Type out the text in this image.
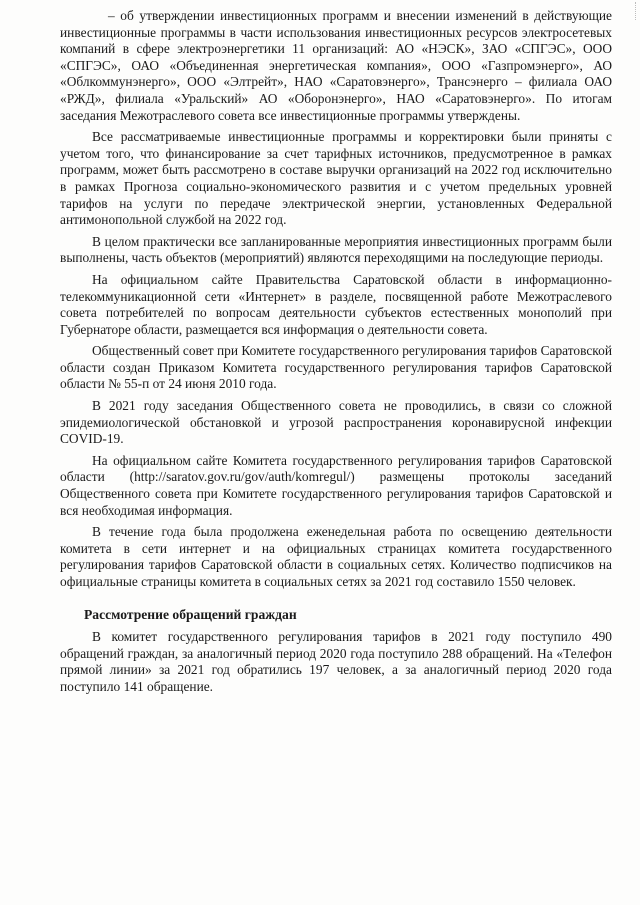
– об утверждении инвестиционных программ и внесении изменений в действующие инвестиционные программы в части использования инвестиционных ресурсов электросетевых компаний в сфере электроэнергетики 11 организаций: АО «НЭСК», ЗАО «СПГЭС», ООО «СПГЭС», ОАО «Объединенная энергетическая компания», ООО «Газпромэнерго», АО «Облкоммунэнерго», ООО «Элтрейт», НАО «Саратовэнерго», Трансэнерго – филиала ОАО «РЖД», филиала «Уральский» АО «Оборонэнерго», НАО «Саратовэнерго». По итогам заседания Межотраслевого совета все инвестиционные программы утверждены.

Все рассматриваемые инвестиционные программы и корректировки были приняты с учетом того, что финансирование за счет тарифных источников, предусмотренное в рамках программ, может быть рассмотрено в составе выручки организаций на 2022 год исключительно в рамках Прогноза социально-экономического развития и с учетом предельных уровней тарифов на услуги по передаче электрической энергии, установленных Федеральной антимонопольной службой на 2022 год.

В целом практически все запланированные мероприятия инвестиционных программ были выполнены, часть объектов (мероприятий) являются переходящими на последующие периоды.

На официальном сайте Правительства Саратовской области в информационно-телекоммуникационной сети «Интернет» в разделе, посвященной работе Межотраслевого совета потребителей по вопросам деятельности субъектов естественных монополий при Губернаторе области, размещается вся информация о деятельности совета.

Общественный совет при Комитете государственного регулирования тарифов Саратовской области создан Приказом Комитета государственного регулирования тарифов Саратовской области № 55-п от 24 июня 2010 года.

В 2021 году заседания Общественного совета не проводились, в связи со сложной эпидемиологической обстановкой и угрозой распространения коронавирусной инфекции COVID-19.

На официальном сайте Комитета государственного регулирования тарифов Саратовской области (http://saratov.gov.ru/gov/auth/komregul/) размещены протоколы заседаний Общественного совета при Комитете государственного регулирования тарифов Саратовской и вся необходимая информация.

В течение года была продолжена еженедельная работа по освещению деятельности комитета в сети интернет и на официальных страницах комитета государственного регулирования тарифов Саратовской области в социальных сетях. Количество подписчиков на официальные страницы комитета в социальных сетях за 2021 год составило 1550 человек.

Рассмотрение обращений граждан

В комитет государственного регулирования тарифов в 2021 году поступило 490 обращений граждан, за аналогичный период 2020 года поступило 288 обращений. На «Телефон прямой линии» за 2021 год обратились 197 человек, а за аналогичный период 2020 года поступило 141 обращение.
